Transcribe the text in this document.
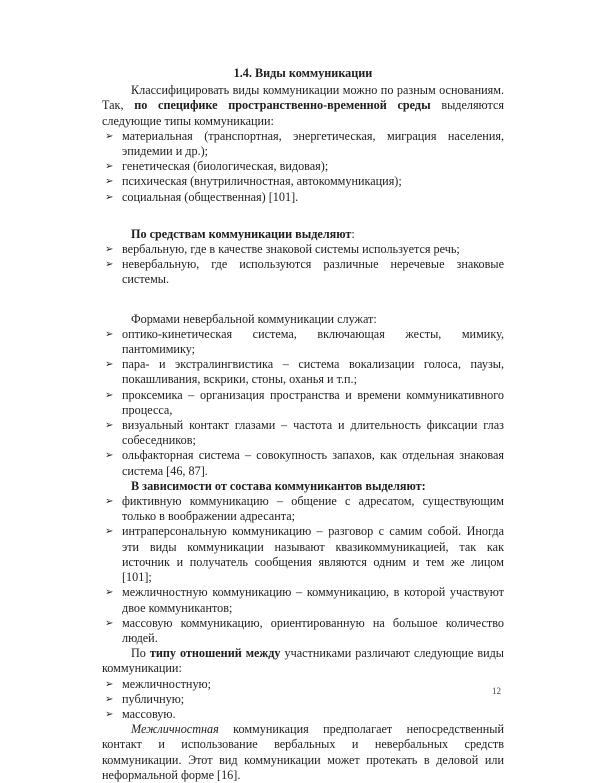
1.4. Виды коммуникации

Классифицировать виды коммуникации можно по разным основаниям. Так, по специфике пространственно-временной среды выделяются следующие типы коммуникации:

➢ материальная (транспортная, энергетическая, миграция населения, эпидемии и др.);
➢ генетическая (биологическая, видовая);
➢ психическая (внутриличностная, автокоммуникация);
➢ социальная (общественная) [101].

По средствам коммуникации выделяют:

➢ вербальную, где в качестве знаковой системы используется речь;
➢ невербальную, где используются различные неречевые знаковые системы.

Формами невербальной коммуникации служат:

➢ оптико-кинетическая система, включающая жесты, мимику, пантомимику;
➢ пара- и экстралингвистика – система вокализации голоса, паузы, покашливания, вскрики, стоны, оханья и т.п.;
➢ проксемика – организация пространства и времени коммуникативного процесса,
➢ визуальный контакт глазами – частота и длительность фиксации глаз собеседников;
➢ ольфакторная система – совокупность запахов, как отдельная знаковая система [46, 87].

В зависимости от состава коммуникантов выделяют:

➢ фиктивную коммуникацию – общение с адресатом, существующим только в воображении адресанта;
➢ интраперсональную коммуникацию – разговор с самим собой. Иногда эти виды коммуникации называют квазикоммуникацией, так как источник и получатель сообщения являются одним и тем же лицом [101];
➢ межличностную коммуникацию – коммуникацию, в которой участвуют двое коммуникантов;
➢ массовую коммуникацию, ориентированную на большое количество людей.

По типу отношений между участниками различают следующие виды коммуникации:

➢ межличностную;
➢ публичную;
➢ массовую.

Межличностная коммуникация предполагает непосредственный контакт и использование вербальных и невербальных средств коммуникации. Этот вид коммуникации может протекать в деловой или неформальной форме [16].

12
